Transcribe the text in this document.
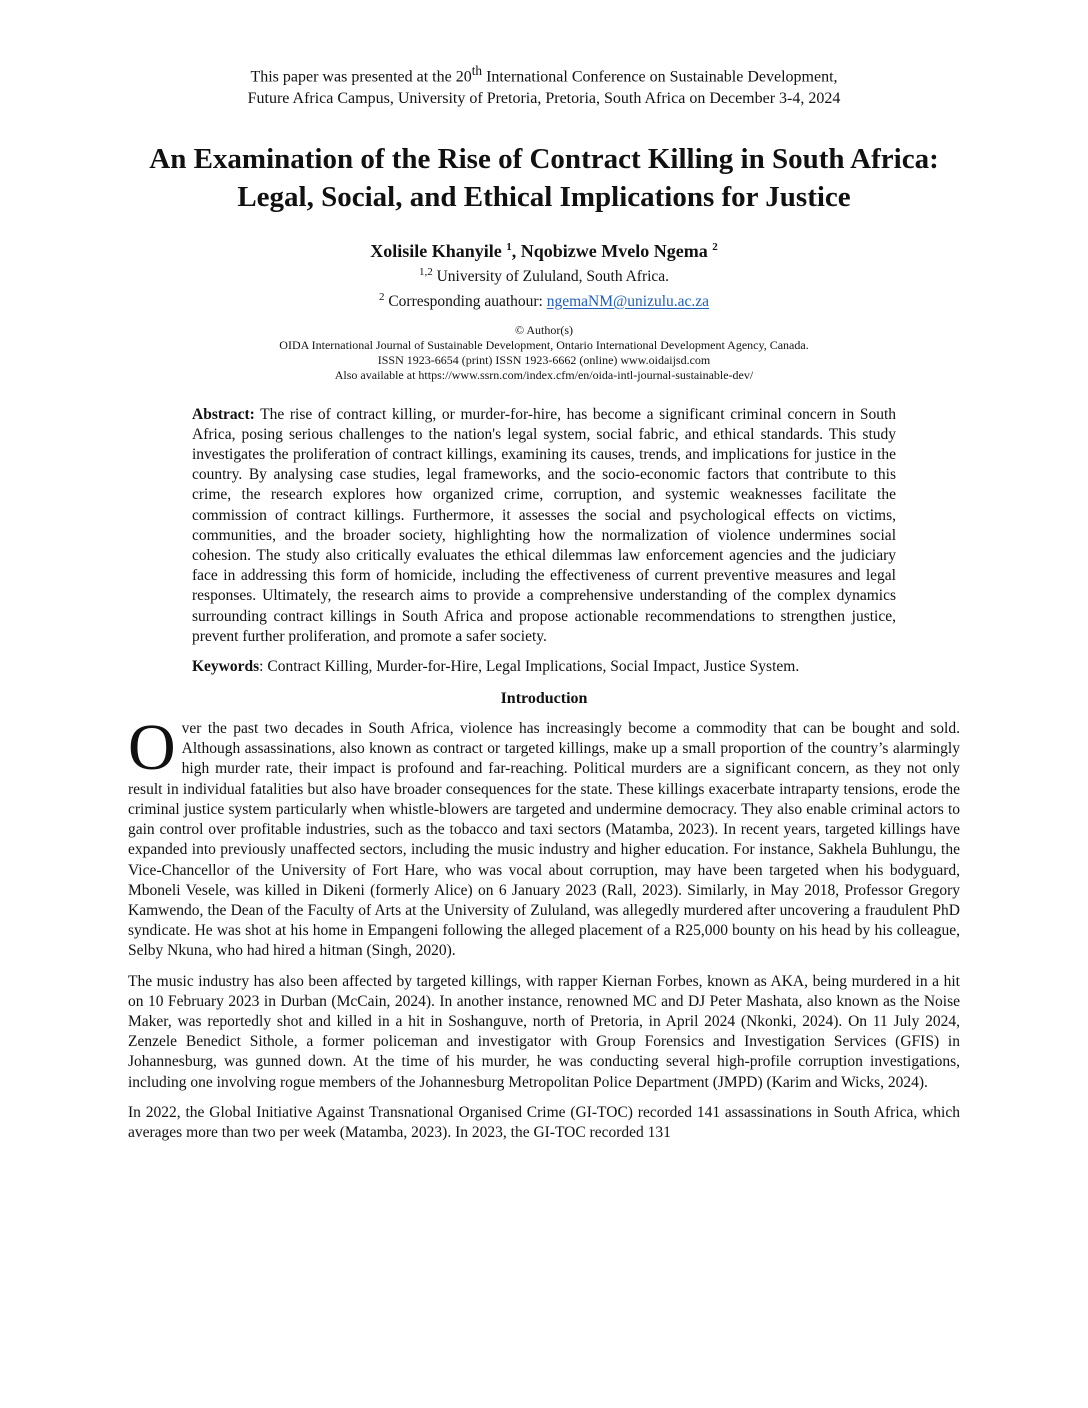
This paper was presented at the 20th International Conference on Sustainable Development,
Future Africa Campus, University of Pretoria, Pretoria, South Africa on December 3-4, 2024
An Examination of the Rise of Contract Killing in South Africa: Legal, Social, and Ethical Implications for Justice
Xolisile Khanyile $^1$, Nqobizwe Mvelo Ngema $^2$
$^{1,2}$ University of Zululand, South Africa.
$^2$ Corresponding auathour: ngemaNM@unizulu.ac.za
© Author(s)
OIDA International Journal of Sustainable Development, Ontario International Development Agency, Canada.
ISSN 1923-6654 (print) ISSN 1923-6662 (online) www.oidaijsd.com
Also available at https://www.ssrn.com/index.cfm/en/oida-intl-journal-sustainable-dev/
Abstract: The rise of contract killing, or murder-for-hire, has become a significant criminal concern in South Africa, posing serious challenges to the nation's legal system, social fabric, and ethical standards. This study investigates the proliferation of contract killings, examining its causes, trends, and implications for justice in the country. By analysing case studies, legal frameworks, and the socio-economic factors that contribute to this crime, the research explores how organized crime, corruption, and systemic weaknesses facilitate the commission of contract killings. Furthermore, it assesses the social and psychological effects on victims, communities, and the broader society, highlighting how the normalization of violence undermines social cohesion. The study also critically evaluates the ethical dilemmas law enforcement agencies and the judiciary face in addressing this form of homicide, including the effectiveness of current preventive measures and legal responses. Ultimately, the research aims to provide a comprehensive understanding of the complex dynamics surrounding contract killings in South Africa and propose actionable recommendations to strengthen justice, prevent further proliferation, and promote a safer society.
Keywords: Contract Killing, Murder-for-Hire, Legal Implications, Social Impact, Justice System.
Introduction
Over the past two decades in South Africa, violence has increasingly become a commodity that can be bought and sold. Although assassinations, also known as contract or targeted killings, make up a small proportion of the country’s alarmingly high murder rate, their impact is profound and far-reaching. Political murders are a significant concern, as they not only result in individual fatalities but also have broader consequences for the state. These killings exacerbate intraparty tensions, erode the criminal justice system particularly when whistle-blowers are targeted and undermine democracy. They also enable criminal actors to gain control over profitable industries, such as the tobacco and taxi sectors (Matamba, 2023). In recent years, targeted killings have expanded into previously unaffected sectors, including the music industry and higher education. For instance, Sakhela Buhlungu, the Vice-Chancellor of the University of Fort Hare, who was vocal about corruption, may have been targeted when his bodyguard, Mboneli Vesele, was killed in Dikeni (formerly Alice) on 6 January 2023 (Rall, 2023). Similarly, in May 2018, Professor Gregory Kamwendo, the Dean of the Faculty of Arts at the University of Zululand, was allegedly murdered after uncovering a fraudulent PhD syndicate. He was shot at his home in Empangeni following the alleged placement of a R25,000 bounty on his head by his colleague, Selby Nkuna, who had hired a hitman (Singh, 2020).
The music industry has also been affected by targeted killings, with rapper Kiernan Forbes, known as AKA, being murdered in a hit on 10 February 2023 in Durban (McCain, 2024). In another instance, renowned MC and DJ Peter Mashata, also known as the Noise Maker, was reportedly shot and killed in a hit in Soshanguve, north of Pretoria, in April 2024 (Nkonki, 2024). On 11 July 2024, Zenzele Benedict Sithole, a former policeman and investigator with Group Forensics and Investigation Services (GFIS) in Johannesburg, was gunned down. At the time of his murder, he was conducting several high-profile corruption investigations, including one involving rogue members of the Johannesburg Metropolitan Police Department (JMPD) (Karim and Wicks, 2024).
In 2022, the Global Initiative Against Transnational Organised Crime (GI-TOC) recorded 141 assassinations in South Africa, which averages more than two per week (Matamba, 2023). In 2023, the GI-TOC recorded 131
